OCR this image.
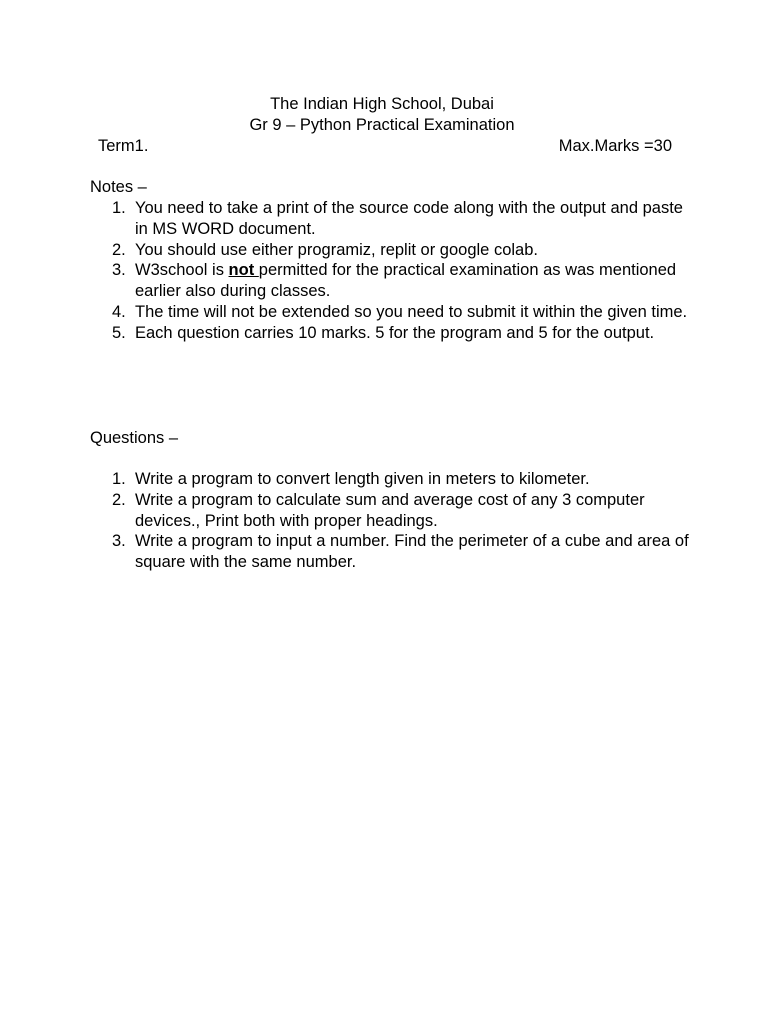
The Indian High School, Dubai

Gr 9 – Python Practical Examination

Term1.	Max.Marks =30

Notes –

1. You need to take a print of the source code along with the output and paste in MS WORD document.
2. You should use either programiz, replit or google colab.
3. W3school is not permitted for the practical examination as was mentioned earlier also during classes.
4. The time will not be extended so you need to submit it within the given time.
5. Each question carries 10 marks. 5 for the program and 5 for the output.

Questions –

1. Write a program to convert length given in meters to kilometer.
2. Write a program to calculate sum and average cost of any 3 computer devices., Print both with proper headings.
3. Write a program to input a number. Find the perimeter of a cube and area of square with the same number.
